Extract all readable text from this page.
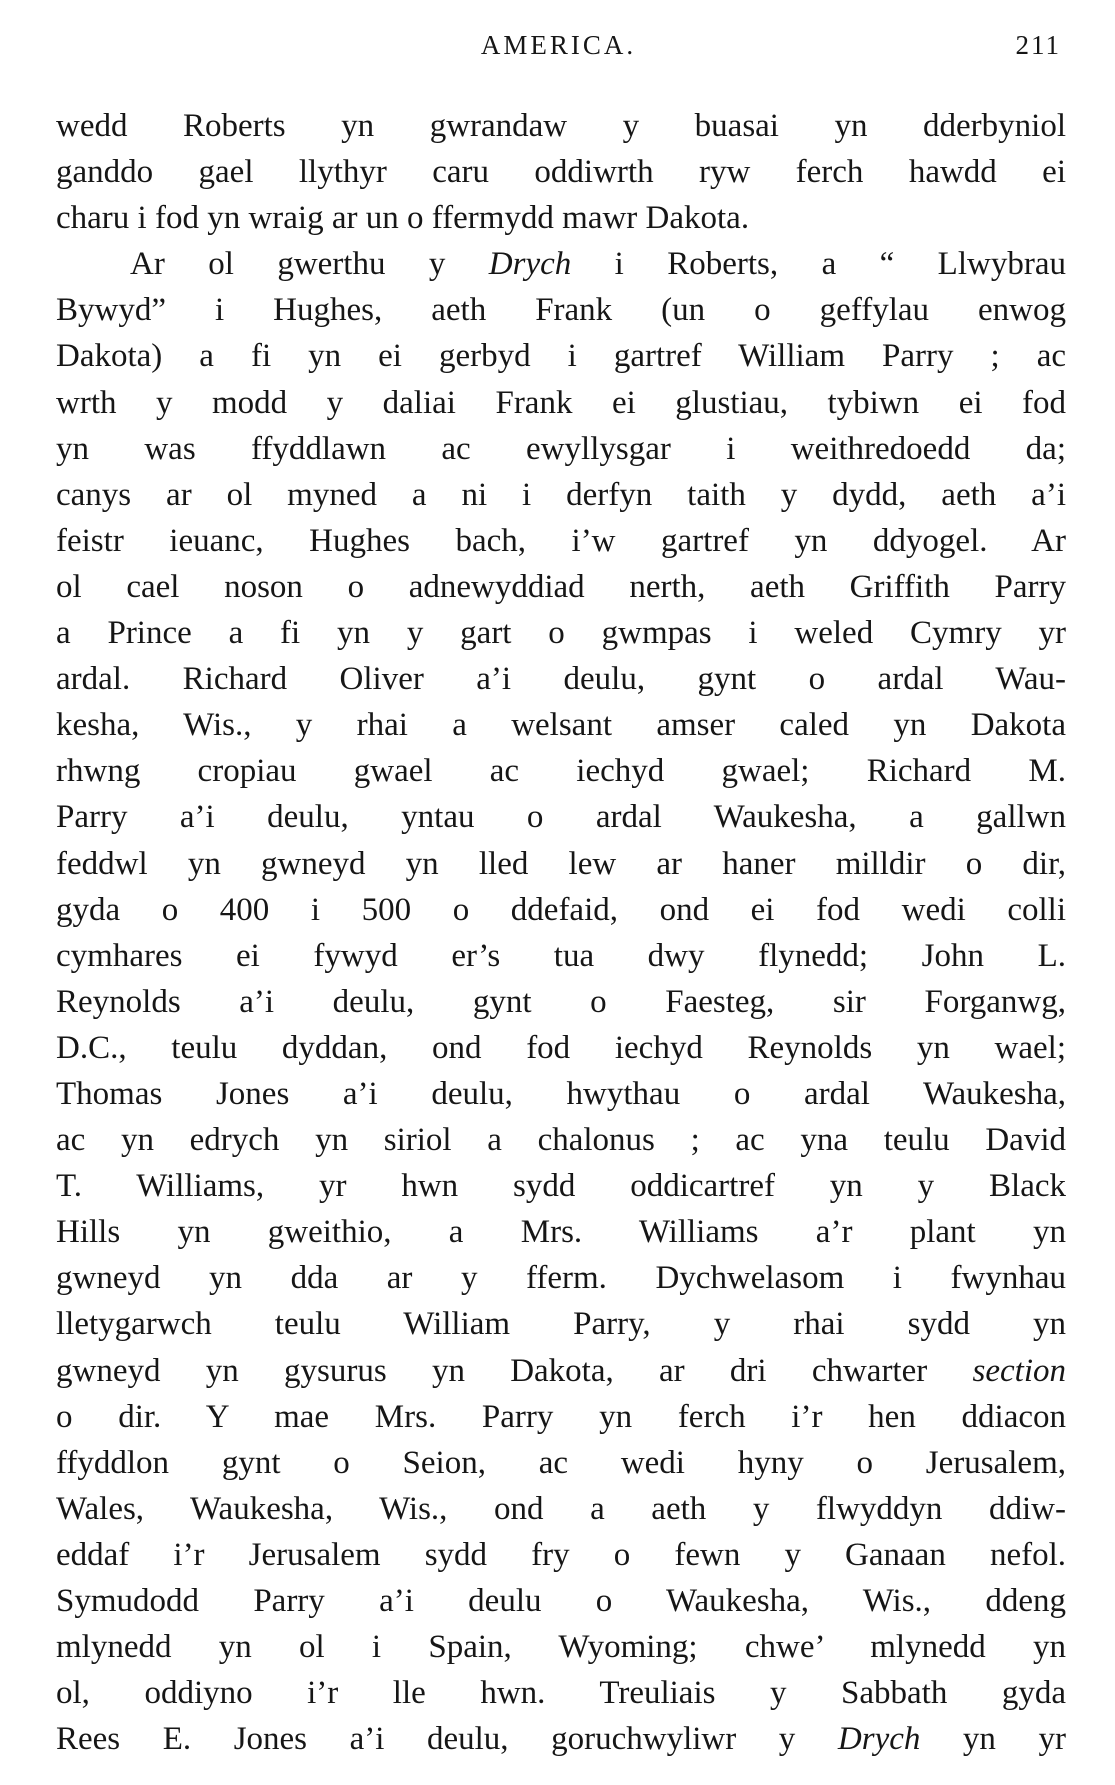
AMERICA.	211
wedd Roberts yn gwrandaw y buasai yn dderbyniol
ganddo gael llythyr caru oddiwrth ryw ferch hawdd ei
charu i fod yn wraig ar un o ffermydd mawr Dakota.
Ar ol gwerthu y Drych i Roberts, a “ Llwybrau
Bywyd” i Hughes, aeth Frank (un o geffylau enwog
Dakota) a fi yn ei gerbyd i gartref William Parry ; ac
wrth y modd y daliai Frank ei glustiau, tybiwn ei fod
yn was ffyddlawn ac ewyllysgar i weithredoedd da;
canys ar ol myned a ni i derfyn taith y dydd, aeth a’i
feistr ieuanc, Hughes bach, i’w gartref yn ddyogel. Ar
ol cael noson o adnewyddiad nerth, aeth Griffith Parry
a Prince a fi yn y gart o gwmpas i weled Cymry yr
ardal. Richard Oliver a’i deulu, gynt o ardal Wau-
kesha, Wis., y rhai a welsant amser caled yn Dakota
rhwng cropiau gwael ac iechyd gwael; Richard M.
Parry a’i deulu, yntau o ardal Waukesha, a gallwn
feddwl yn gwneyd yn lled lew ar haner milldir o dir,
gyda o 400 i 500 o ddefaid, ond ei fod wedi colli
cymhares ei fywyd er’s tua dwy flynedd; John L.
Reynolds a’i deulu, gynt o Faesteg, sir Forganwg,
D.C., teulu dyddan, ond fod iechyd Reynolds yn wael;
Thomas Jones a’i deulu, hwythau o ardal Waukesha,
ac yn edrych yn siriol a chalonus ; ac yna teulu David
T. Williams, yr hwn sydd oddicartref yn y Black
Hills yn gweithio, a Mrs. Williams a’r plant yn
gwneyd yn dda ar y fferm. Dychwelasom i fwynhau
lletygarwch teulu William Parry, y rhai sydd yn
gwneyd yn gysurus yn Dakota, ar dri chwarter section
o dir. Y mae Mrs. Parry yn ferch i’r hen ddiacon
ffyddlon gynt o Seion, ac wedi hyny o Jerusalem,
Wales, Waukesha, Wis., ond a aeth y flwyddyn ddiw-
eddaf i’r Jerusalem sydd fry o fewn y Ganaan nefol.
Symudodd Parry a’i deulu o Waukesha, Wis., ddeng
mlynedd yn ol i Spain, Wyoming; chwe’ mlynedd yn
ol, oddiyno i’r lle hwn. Treuliais y Sabbath gyda
Rees E. Jones a’i deulu, goruchwyliwr y Drych yn yr
